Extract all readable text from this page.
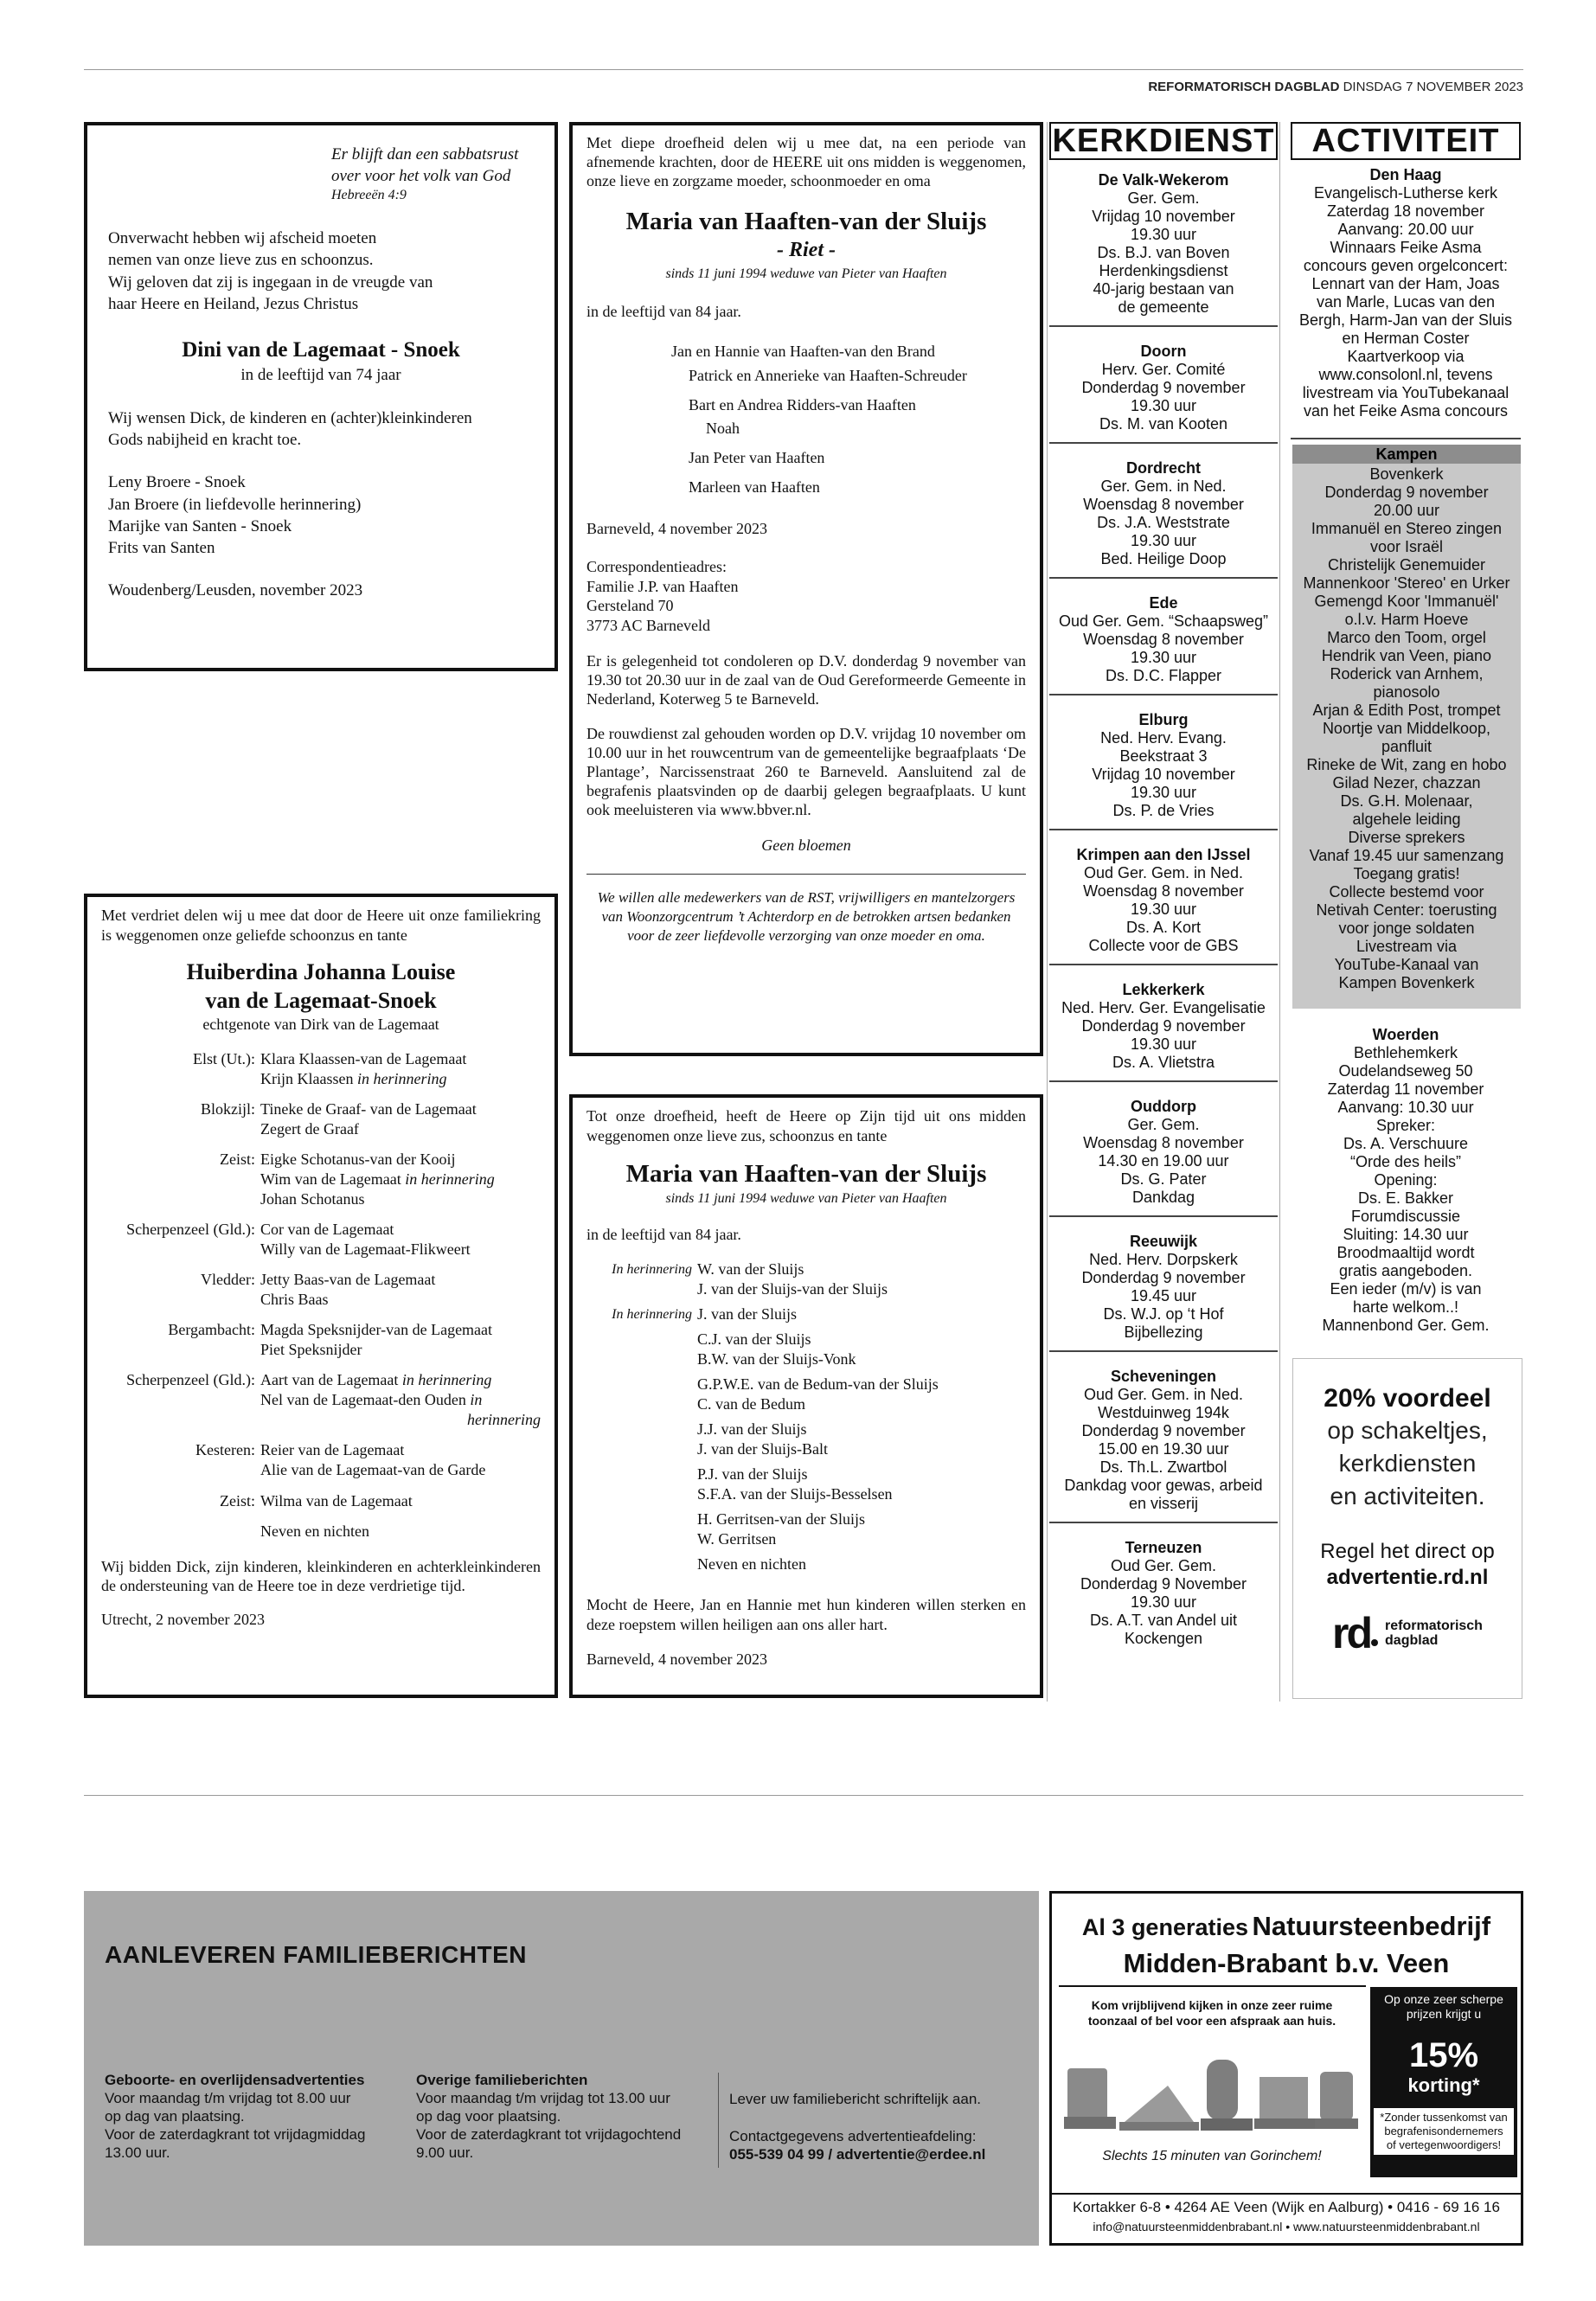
REFORMATORISCH DAGBLAD DINSDAG 7 NOVEMBER 2023
Er blijft dan een sabbatsrust
over voor het volk van God
Hebreeën 4:9
Onverwacht hebben wij afscheid moeten
nemen van onze lieve zus en schoonzus.
Wij geloven dat zij is ingegaan in de vreugde van
haar Heere en Heiland, Jezus Christus
Dini van de Lagemaat - Snoek
in de leeftijd van 74 jaar
Wij wensen Dick, de kinderen en (achter)kleinkinderen
Gods nabijheid en kracht toe.
Leny Broere - Snoek
Jan Broere (in liefdevolle herinnering)
Marijke van Santen - Snoek
Frits van Santen
Woudenberg/Leusden, november 2023

Met verdriet delen wij u mee dat door de Heere uit onze familiekring is weggenomen onze geliefde schoonzus en tante

Huiberdina Johanna Louise
van de Lagemaat-Snoek
echtgenote van Dirk van de Lagemaat
Elst (Ut.): Klara Klaassen-van de Lagemaat
Krijn Klaassen in herinnering
Blokzijl: Tineke de Graaf- van de Lagemaat
Zegert de Graaf
Zeist: Eigke Schotanus-van der Kooij
Wim van de Lagemaat in herinnering
Johan Schotanus
Scherpenzeel (Gld.): Cor van de Lagemaat
Willy van de Lagemaat-Flikweert
Vledder: Jetty Baas-van de Lagemaat
Chris Baas
Bergambacht: Magda Speksnijder-van de Lagemaat
Piet Speksnijder
Scherpenzeel (Gld.): Aart van de Lagemaat in herinnering
Nel van de Lagemaat-den Ouden in
herinnering
Kesteren: Reier van de Lagemaat
Alie van de Lagemaat-van de Garde
Zeist: Wilma van de Lagemaat
Neven en nichten

Wij bidden Dick, zijn kinderen, kleinkinderen en achterkleinkinderen de ondersteuning van de Heere toe in deze verdrietige tijd.

Utrecht, 2 november 2023

Met diepe droefheid delen wij u mee dat, na een periode van afnemende krachten, door de HEERE uit ons midden is weggenomen, onze lieve en zorgzame moeder, schoonmoeder en oma

Maria van Haaften-van der Sluijs
- Riet -
sinds 11 juni 1994 weduwe van Pieter van Haaften
in de leeftijd van 84 jaar.
Jan en Hannie van Haaften-van den Brand
Patrick en Annerieke van Haaften-Schreuder
Bart en Andrea Ridders-van Haaften
Noah
Jan Peter van Haaften
Marleen van Haaften
Barneveld, 4 november 2023
Correspondentieadres:
Familie J.P. van Haaften
Gersteland 70
3773 AC Barneveld

Er is gelegenheid tot condoleren op D.V. donderdag 9 november van 19.30 tot 20.30 uur in de zaal van de Oud Gereformeerde Gemeente in Nederland, Koterweg 5 te Barneveld.

De rouwdienst zal gehouden worden op D.V. vrijdag 10 november om 10.00 uur in het rouwcentrum van de gemeentelijke begraafplaats ‘De Plantage’, Narcissenstraat 260 te Barneveld. Aansluitend zal de begrafenis plaatsvinden op de daarbij gelegen begraafplaats. U kunt ook meeluisteren via www.bbver.nl.

Geen bloemen

We willen alle medewerkers van de RST, vrijwilligers en mantelzorgers van Woonzorgcentrum ’t Achterdorp en de betrokken artsen bedanken voor de zeer liefdevolle verzorging van onze moeder en oma.

Tot onze droefheid, heeft de Heere op Zijn tijd uit ons midden weggenomen onze lieve zus, schoonzus en tante

Maria van Haaften-van der Sluijs
sinds 11 juni 1994 weduwe van Pieter van Haaften
in de leeftijd van 84 jaar.
In herinnering W. van der Sluijs
J. van der Sluijs-van der Sluijs
In herinnering J. van der Sluijs
C.J. van der Sluijs
B.W. van der Sluijs-Vonk
G.P.W.E. van de Bedum-van der Sluijs
C. van de Bedum
J.J. van der Sluijs
J. van der Sluijs-Balt
P.J. van der Sluijs
S.F.A. van der Sluijs-Besselsen
H. Gerritsen-van der Sluijs
W. Gerritsen
Neven en nichten

Mocht de Heere, Jan en Hannie met hun kinderen willen sterken en deze roepstem willen heiligen aan ons aller hart.

Barneveld, 4 november 2023
KERKDIENST
De Valk-Wekerom
Ger. Gem.
Vrijdag 10 november
19.30 uur
Ds. B.J. van Boven
Herdenkingsdienst
40-jarig bestaan van
de gemeente
Doorn
Herv. Ger. Comité
Donderdag 9 november
19.30 uur
Ds. M. van Kooten
Dordrecht
Ger. Gem. in Ned.
Woensdag 8 november
Ds. J.A. Weststrate
19.30 uur
Bed. Heilige Doop
Ede
Oud Ger. Gem. “Schaapsweg”
Woensdag 8 november
19.30 uur
Ds. D.C. Flapper
Elburg
Ned. Herv. Evang.
Beekstraat 3
Vrijdag 10 november
19.30 uur
Ds. P. de Vries
Krimpen aan den IJssel
Oud Ger. Gem. in Ned.
Woensdag 8 november
19.30 uur
Ds. A. Kort
Collecte voor de GBS
Lekkerkerk
Ned. Herv. Ger. Evangelisatie
Donderdag 9 november
19.30 uur
Ds. A. Vlietstra
Ouddorp
Ger. Gem.
Woensdag 8 november
14.30 en 19.00 uur
Ds. G. Pater
Dankdag
Reeuwijk
Ned. Herv. Dorpskerk
Donderdag 9 november
19.45 uur
Ds. W.J. op ‘t Hof
Bijbellezing
Scheveningen
Oud Ger. Gem. in Ned.
Westduinweg 194k
Donderdag 9 november
15.00 en 19.30 uur
Ds. Th.L. Zwartbol
Dankdag voor gewas, arbeid
en visserij
Terneuzen
Oud Ger. Gem.
Donderdag 9 November
19.30 uur
Ds. A.T. van Andel uit
Kockengen
ACTIVITEIT
Den Haag
Evangelisch-Lutherse kerk
Zaterdag 18 november
Aanvang: 20.00 uur
Winnaars Feike Asma
concours geven orgelconcert:
Lennart van der Ham, Joas
van Marle, Lucas van den
Bergh, Harm-Jan van der Sluis
en Herman Coster
Kaartverkoop via
www.consolonl.nl, tevens
livestream via YouTubekanaal
van het Feike Asma concours
Kampen
Bovenkerk
Donderdag 9 november
20.00 uur
Immanuël en Stereo zingen
voor Israël
Christelijk Genemuider
Mannenkoor 'Stereo' en Urker
Gemengd Koor 'Immanuël'
o.l.v. Harm Hoeve
Marco den Toom, orgel
Hendrik van Veen, piano
Roderick van Arnhem,
pianosolo
Arjan & Edith Post, trompet
Noortje van Middelkoop,
panfluit
Rineke de Wit, zang en hobo
Gilad Nezer, chazzan
Ds. G.H. Molenaar,
algehele leiding
Diverse sprekers
Vanaf 19.45 uur samenzang
Toegang gratis!
Collecte bestemd voor
Netivah Center: toerusting
voor jonge soldaten
Livestream via
YouTube-Kanaal van
Kampen Bovenkerk
Woerden
Bethlehemkerk
Oudelandseweg 50
Zaterdag 11 november
Aanvang: 10.30 uur
Spreker:
Ds. A. Verschuure
“Orde des heils”
Opening:
Ds. E. Bakker
Forumdiscussie
Sluiting: 14.30 uur
Broodmaaltijd wordt
gratis aangeboden.
Een ieder (m/v) is van
harte welkom..!
Mannenbond Ger. Gem.
20% voordeel
op schakeltjes,
kerkdiensten
en activiteiten.
Regel het direct op
advertentie.rd.nl
rd reformatorisch
dagblad
AANLEVEREN FAMILIEBERICHTEN
Geboorte- en overlijdensadvertenties
Voor maandag t/m vrijdag tot 8.00 uur
op dag van plaatsing.
Voor de zaterdagkrant tot vrijdagmiddag
13.00 uur.
Overige familieberichten
Voor maandag t/m vrijdag tot 13.00 uur
op dag voor plaatsing.
Voor de zaterdagkrant tot vrijdagochtend
9.00 uur.
Lever uw familiebericht schriftelijk aan.
Contactgegevens advertentieafdeling:
055-539 04 99 / advertentie@erdee.nl
Al 3 generaties Natuursteenbedrijf
Midden-Brabant b.v. Veen
Kom vrijblijvend kijken in onze zeer ruime
toonzaal of bel voor een afspraak aan huis.
Slechts 15 minuten van Gorinchem!
Op onze zeer scherpe
prijzen krijgt u
15%
korting*
*Zonder tussenkomst van
begrafenisondernemers
of vertegenwoordigers!
Kortakker 6-8 • 4264 AE Veen (Wijk en Aalburg) • 0416 - 69 16 16
info@natuursteenmiddenbrabant.nl • www.natuursteenmiddenbrabant.nl
